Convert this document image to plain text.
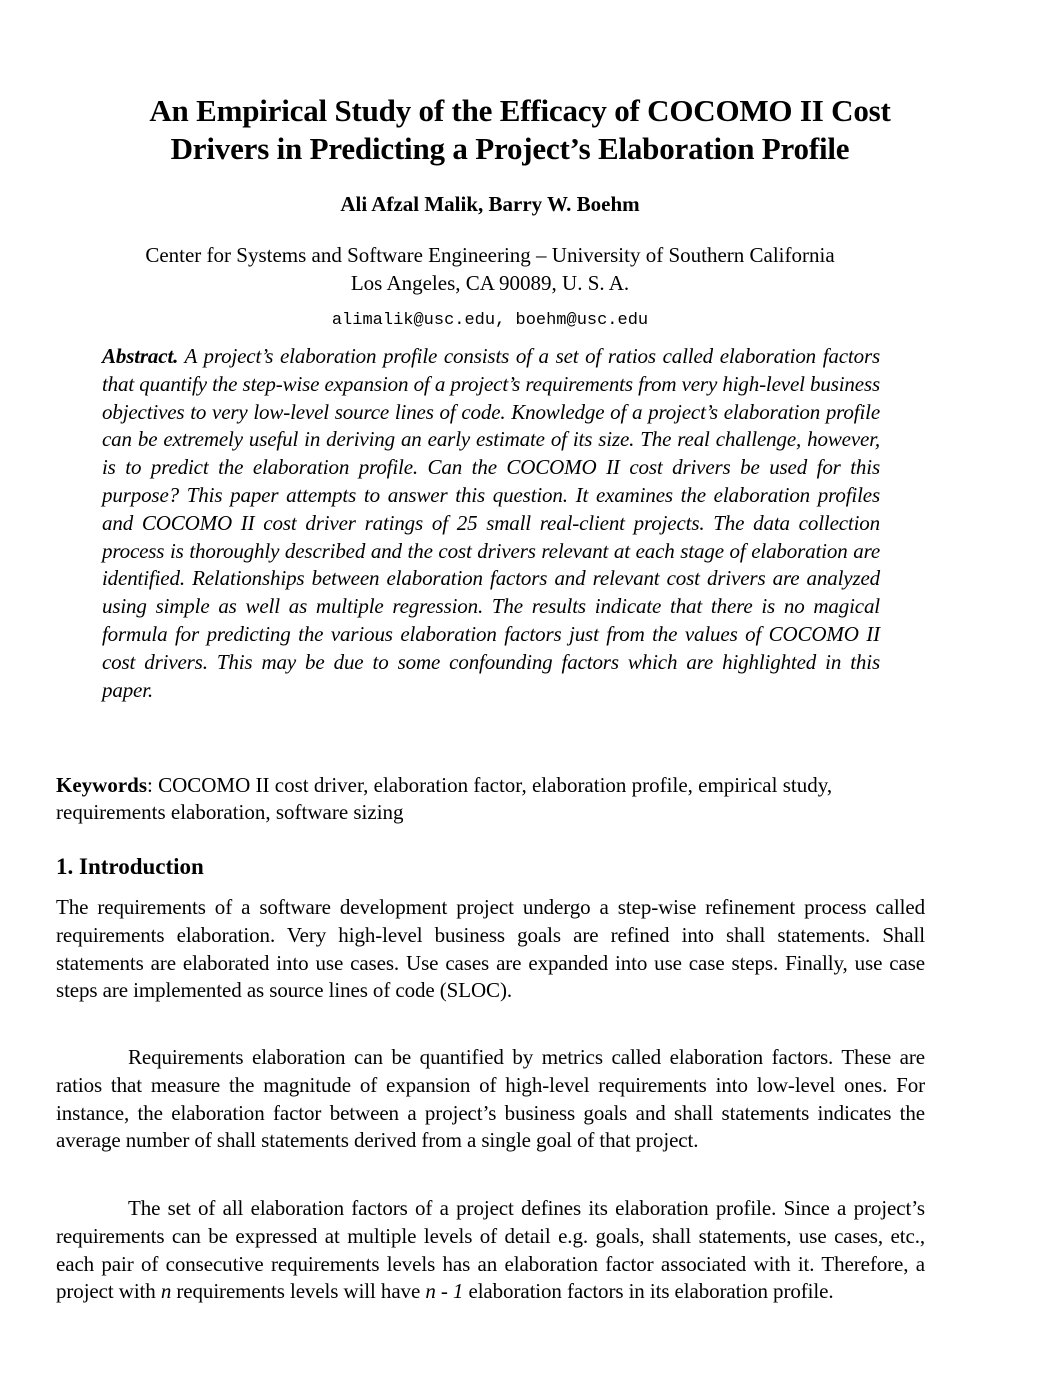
An Empirical Study of the Efficacy of COCOMO II Cost
Drivers in Predicting a Project’s Elaboration Profile
Ali Afzal Malik, Barry W. Boehm
Center for Systems and Software Engineering – University of Southern California
Los Angeles, CA 90089, U. S. A.
alimalik@usc.edu, boehm@usc.edu
Abstract. A project’s elaboration profile consists of a set of ratios called elaboration factors that quantify the step-wise expansion of a project’s requirements from very high-level business objectives to very low-level source lines of code. Knowledge of a project’s elaboration profile can be extremely useful in deriving an early estimate of its size. The real challenge, however, is to predict the elaboration profile. Can the COCOMO II cost drivers be used for this purpose? This paper attempts to answer this question. It examines the elaboration profiles and COCOMO II cost driver ratings of 25 small real-client projects. The data collection process is thoroughly described and the cost drivers relevant at each stage of elaboration are identified. Relationships between elaboration factors and relevant cost drivers are analyzed using simple as well as multiple regression. The results indicate that there is no magical formula for predicting the various elaboration factors just from the values of COCOMO II cost drivers. This may be due to some confounding factors which are highlighted in this paper.
Keywords: COCOMO II cost driver, elaboration factor, elaboration profile, empirical study, requirements elaboration, software sizing
1. Introduction

The requirements of a software development project undergo a step-wise refinement process called requirements elaboration. Very high-level business goals are refined into shall statements. Shall statements are elaborated into use cases. Use cases are expanded into use case steps. Finally, use case steps are implemented as source lines of code (SLOC).

Requirements elaboration can be quantified by metrics called elaboration factors. These are ratios that measure the magnitude of expansion of high-level requirements into low-level ones. For instance, the elaboration factor between a project’s business goals and shall statements indicates the average number of shall statements derived from a single goal of that project.

The set of all elaboration factors of a project defines its elaboration profile. Since a project’s requirements can be expressed at multiple levels of detail e.g. goals, shall statements, use cases, etc., each pair of consecutive requirements levels has an elaboration factor associated with it. Therefore, a project with n requirements levels will have n - 1 elaboration factors in its elaboration profile.
